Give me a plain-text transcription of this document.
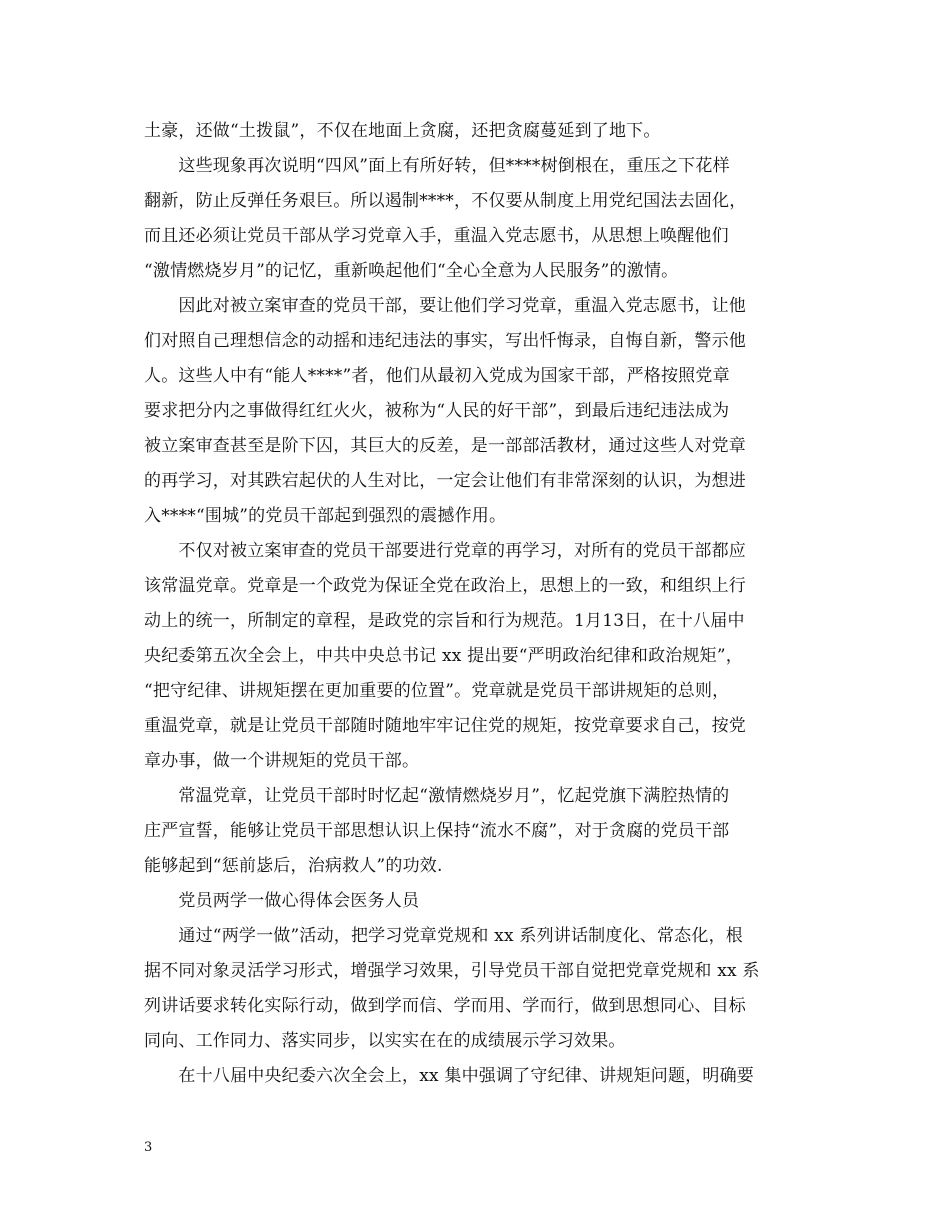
土豪，还做“土拨鼠”，不仅在地面上贪腐，还把贪腐蔓延到了地下。
　　这些现象再次说明“四风”面上有所好转，但****树倒根在，重压之下花样
翻新，防止反弹任务艰巨。所以遏制****，不仅要从制度上用党纪国法去固化，
而且还必须让党员干部从学习党章入手，重温入党志愿书，从思想上唤醒他们
“激情燃烧岁月”的记忆，重新唤起他们“全心全意为人民服务”的激情。
　　因此对被立案审查的党员干部，要让他们学习党章，重温入党志愿书，让他
们对照自己理想信念的动摇和违纪违法的事实，写出忏悔录，自悔自新，警示他
人。这些人中有“能人****”者，他们从最初入党成为国家干部，严格按照党章
要求把分内之事做得红红火火，被称为“人民的好干部”，到最后违纪违法成为
被立案审查甚至是阶下囚，其巨大的反差，是一部部活教材，通过这些人对党章
的再学习，对其跌宕起伏的人生对比，一定会让他们有非常深刻的认识，为想进
入****“围城”的党员干部起到强烈的震撼作用。
　　不仅对被立案审查的党员干部要进行党章的再学习，对所有的党员干部都应
该常温党章。党章是一个政党为保证全党在政治上，思想上的一致，和组织上行
动上的统一，所制定的章程，是政党的宗旨和行为规范。1月13日，在十八届中
央纪委第五次全会上，中共中央总书记 xx 提出要“严明政治纪律和政治规矩”，
“把守纪律、讲规矩摆在更加重要的位置”。党章就是党员干部讲规矩的总则，
重温党章，就是让党员干部随时随地牢牢记住党的规矩，按党章要求自己，按党
章办事，做一个讲规矩的党员干部。
　　常温党章，让党员干部时时忆起“激情燃烧岁月”，忆起党旗下满腔热情的
庄严宣誓，能够让党员干部思想认识上保持“流水不腐”，对于贪腐的党员干部
能够起到“惩前毖后，治病救人”的功效.
　　党员两学一做心得体会医务人员
　　通过“两学一做”活动，把学习党章党规和 xx 系列讲话制度化、常态化，根
据不同对象灵活学习形式，增强学习效果，引导党员干部自觉把党章党规和 xx 系
列讲话要求转化实际行动，做到学而信、学而用、学而行，做到思想同心、目标
同向、工作同力、落实同步，以实实在在的成绩展示学习效果。
　　在十八届中央纪委六次全会上，xx 集中强调了守纪律、讲规矩问题，明确要
3
